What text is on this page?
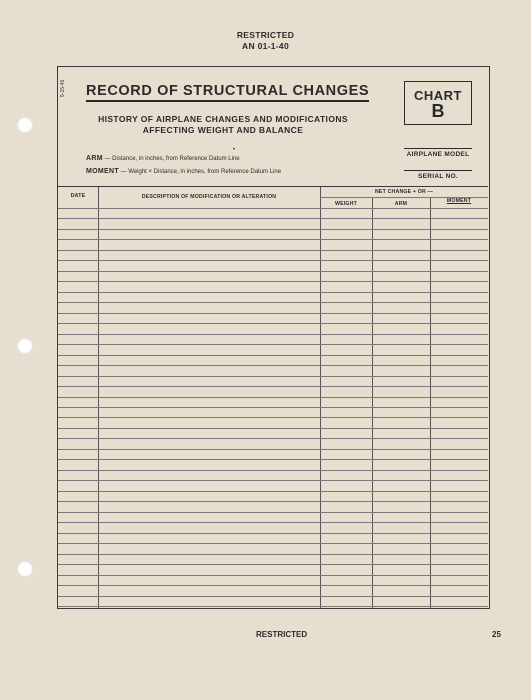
RESTRICTED
AN 01-1-40
5-15-45 RECORD OF STRUCTURAL CHANGES
HISTORY OF AIRPLANE CHANGES AND MODIFICATIONS
AFFECTING WEIGHT AND BALANCE
•
ARM — Distance, in inches, from Reference Datum Line
MOMENT — Weight × Distance, in inches, from Reference Datum Line
CHART
B
AIRPLANE MODEL
SERIAL NO.
DATE	DESCRIPTION OF MODIFICATION OR ALTERATION
NET CHANGE + OR —
WEIGHT	ARM	MOMENT
RESTRICTED	25
